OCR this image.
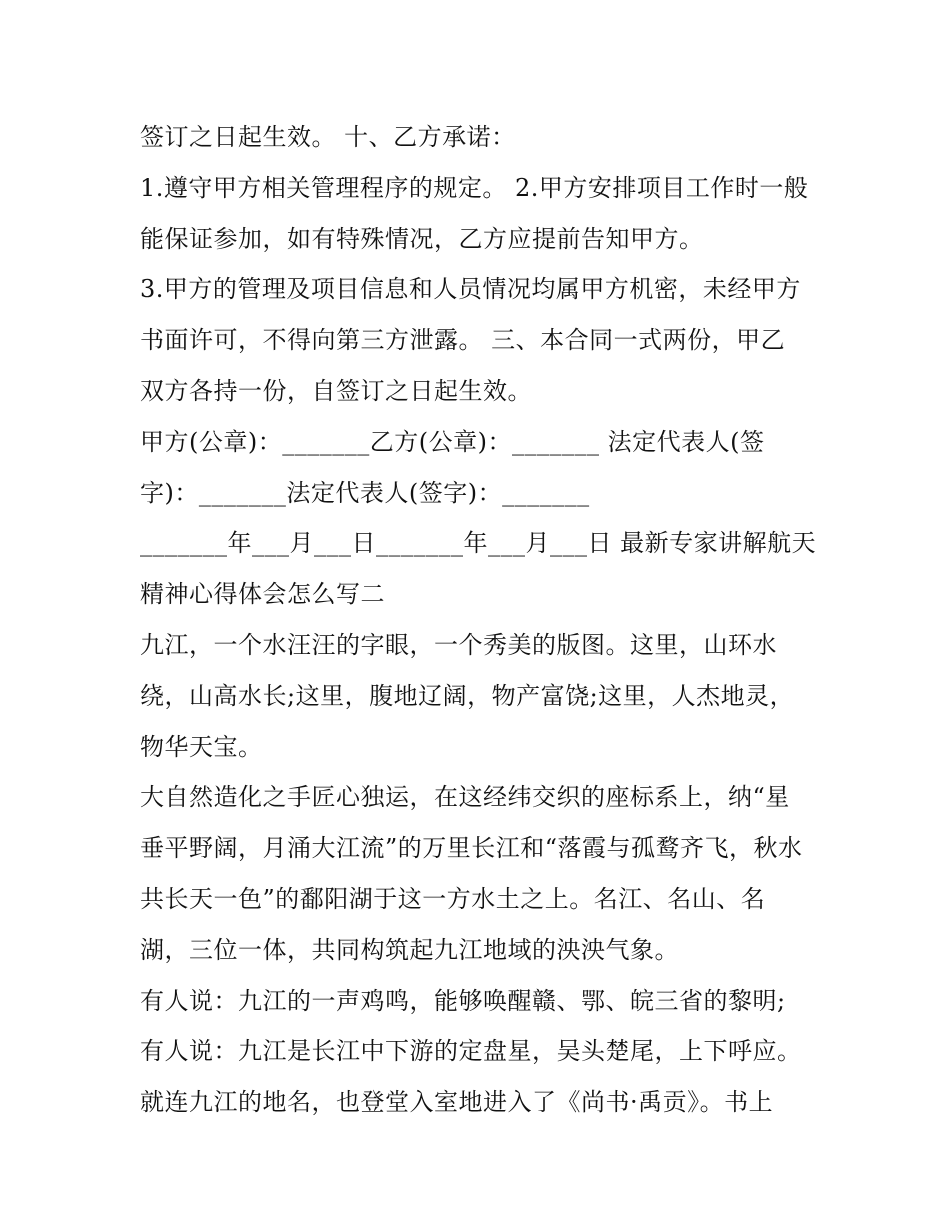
签订之日起生效。 十、乙方承诺：
1.遵守甲方相关管理程序的规定。 2.甲方安排项目工作时一般
能保证参加，如有特殊情况，乙方应提前告知甲方。
3.甲方的管理及项目信息和人员情况均属甲方机密，未经甲方
书面许可，不得向第三方泄露。 三、本合同一式两份，甲乙
双方各持一份，自签订之日起生效。
甲方(公章)：_______乙方(公章)：_______ 法定代表人(签
字)：_______法定代表人(签字)：_______
_______年___月___日_______年___月___日 最新专家讲解航天
精神心得体会怎么写二
九江，一个水汪汪的字眼，一个秀美的版图。这里，山环水
绕，山高水长;这里，腹地辽阔，物产富饶;这里，人杰地灵，
物华天宝。
大自然造化之手匠心独运，在这经纬交织的座标系上，纳“星
垂平野阔，月涌大江流”的万里长江和“落霞与孤鹜齐飞，秋水
共长天一色”的鄱阳湖于这一方水土之上。名江、名山、名
湖，三位一体，共同构筑起九江地域的泱泱气象。
有人说：九江的一声鸡鸣，能够唤醒赣、鄂、皖三省的黎明;
有人说：九江是长江中下游的定盘星，吴头楚尾，上下呼应。
就连九江的地名，也登堂入室地进入了《尚书·禹贡》。书上
